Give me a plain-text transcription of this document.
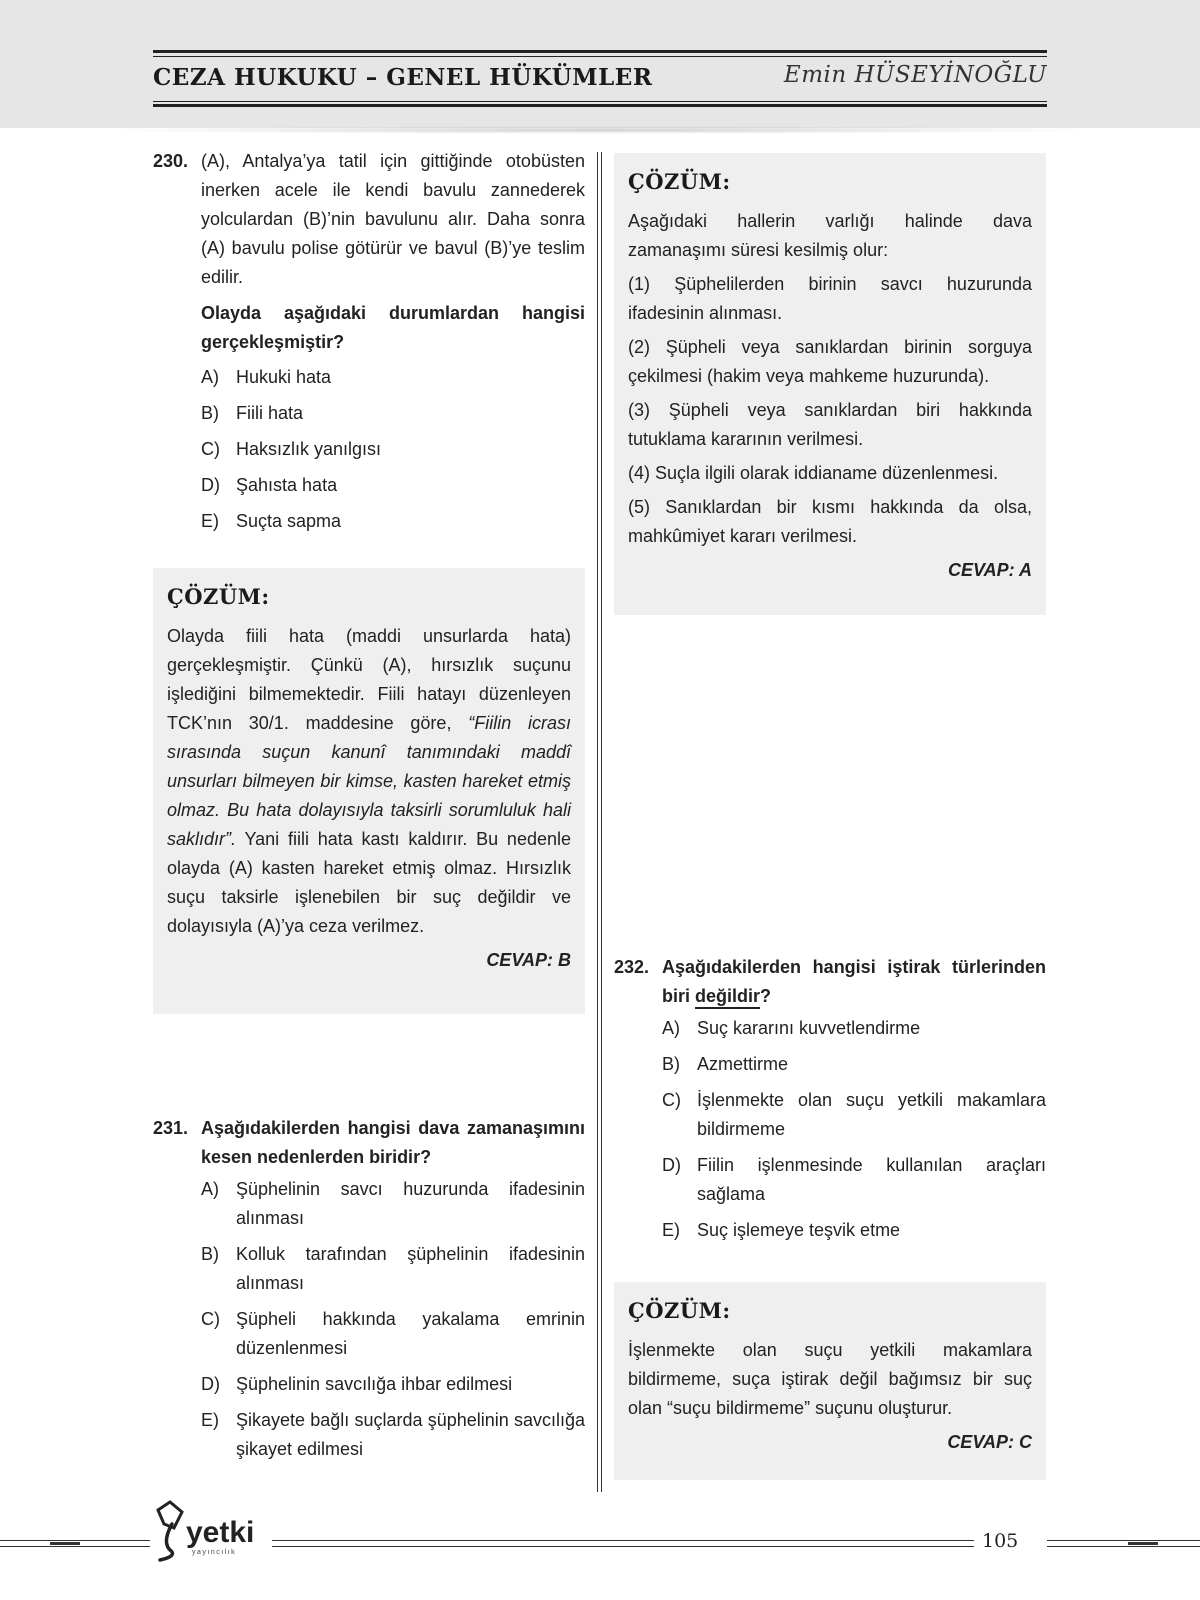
CEZA HUKUKU – GENEL HÜKÜMLER	Emin HÜSEYİNOĞLU
230. (A), Antalya’ya tatil için gittiğinde otobüsten inerken acele ile kendi bavulu zannederek yolculardan (B)’nin bavulunu alır. Daha sonra (A) bavulu polise götürür ve bavul (B)’ye teslim edilir.

Olayda aşağıdaki durumlardan hangisi gerçekleşmiştir?

A) Hukuki hata
B) Fiili hata
C) Haksızlık yanılgısı
D) Şahısta hata
E) Suçta sapma
ÇÖZÜM:

Olayda fiili hata (maddi unsurlarda hata) gerçekleşmiştir. Çünkü (A), hırsızlık suçunu işlediğini bilmemektedir. Fiili hatayı düzenleyen TCK’nın 30/1. maddesine göre, “Fiilin icrası sırasında suçun kanunî tanımındaki maddî unsurları bilmeyen bir kimse, kasten hareket etmiş olmaz. Bu hata dolayısıyla taksirli sorumluluk hali saklıdır”. Yani fiili hata kastı kaldırır. Bu nedenle olayda (A) kasten hareket etmiş olmaz. Hırsızlık suçu taksirle işlenebilen bir suç değildir ve dolayısıyla (A)’ya ceza verilmez.

CEVAP: B

231. Aşağıdakilerden hangisi dava zamanaşımını kesen nedenlerden biridir?

A) Şüphelinin savcı huzurunda ifadesinin alınması
B) Kolluk tarafından şüphelinin ifadesinin alınması
C) Şüpheli hakkında yakalama emrinin düzenlenmesi
D) Şüphelinin savcılığa ihbar edilmesi
E) Şikayete bağlı suçlarda şüphelinin savcılığa şikayet edilmesi
ÇÖZÜM:

Aşağıdaki hallerin varlığı halinde dava zamanaşımı süresi kesilmiş olur:

(1) Şüphelilerden birinin savcı huzurunda ifadesinin alınması.

(2) Şüpheli veya sanıklardan birinin sorguya çekilmesi (hakim veya mahkeme huzurunda).

(3) Şüpheli veya sanıklardan biri hakkında tutuklama kararının verilmesi.

(4) Suçla ilgili olarak iddianame düzenlenmesi.

(5) Sanıklardan bir kısmı hakkında da olsa, mahkûmiyet kararı verilmesi.

CEVAP: A

232. Aşağıdakilerden hangisi iştirak türlerinden biri değildir?

A) Suç kararını kuvvetlendirme
B) Azmettirme
C) İşlenmekte olan suçu yetkili makamlara bildirmeme
D) Fiilin işlenmesinde kullanılan araçları sağlama
E) Suç işlemeye teşvik etme
ÇÖZÜM:

İşlenmekte olan suçu yetkili makamlara bildirmeme, suça iştirak değil bağımsız bir suç olan “suçu bildirmeme” suçunu oluşturur.

CEVAP: C

yetki
yayıncılık
105
